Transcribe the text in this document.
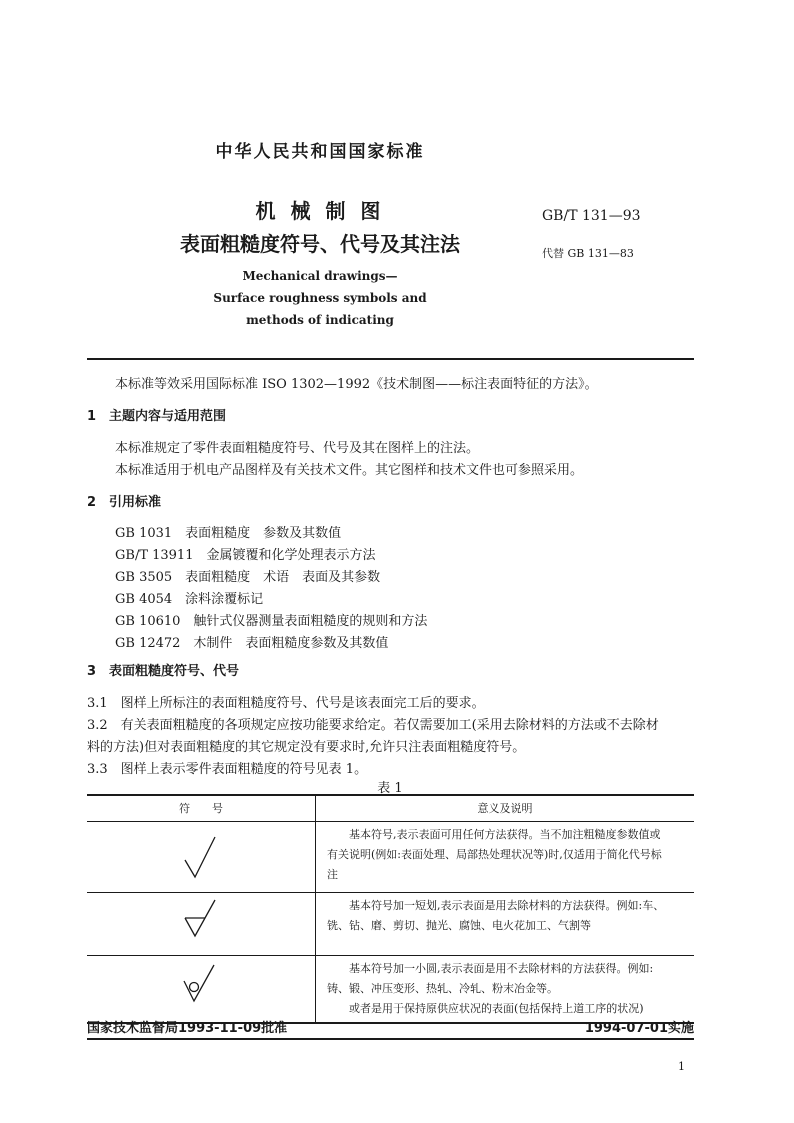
中华人民共和国国家标准
机 械 制 图
表面粗糙度符号、代号及其注法
Mechanical drawings—
Surface roughness symbols and
methods of indicating
GB/T 131—93
代替 GB 131—83
本标准等效采用国际标准 ISO 1302—1992《技术制图——标注表面特征的方法》。
1　主题内容与适用范围
本标准规定了零件表面粗糙度符号、代号及其在图样上的注法。
本标准适用于机电产品图样及有关技术文件。其它图样和技术文件也可参照采用。
2　引用标准
GB 1031　表面粗糙度　参数及其数值
GB/T 13911　金属镀覆和化学处理表示方法
GB 3505　表面粗糙度　术语　表面及其参数
GB 4054　涂料涂覆标记
GB 10610　触针式仪器测量表面粗糙度的规则和方法
GB 12472　木制件　表面粗糙度参数及其数值
3　表面粗糙度符号、代号
3.1　图样上所标注的表面粗糙度符号、代号是该表面完工后的要求。
3.2　有关表面粗糙度的各项规定应按功能要求给定。若仅需要加工(采用去除材料的方法或不去除材
料的方法)但对表面粗糙度的其它规定没有要求时,允许只注表面粗糙度符号。
3.3　图样上表示零件表面粗糙度的符号见表 1。
表 1
符　　号	意义及说明

基本符号,表示表面可用任何方法获得。当不加注粗糙度参数值或
有关说明(例如:表面处理、局部热处理状况等)时,仅适用于简化代号标
注

基本符号加一短划,表示表面是用去除材料的方法获得。例如:车、
铣、钻、磨、剪切、抛光、腐蚀、电火花加工、气割等

基本符号加一小圆,表示表面是用不去除材料的方法获得。例如:
铸、锻、冲压变形、热轧、冷轧、粉末冶金等。
或者是用于保持原供应状况的表面(包括保持上道工序的状况)
国家技术监督局1993-11-09批准	1994-07-01实施
1
